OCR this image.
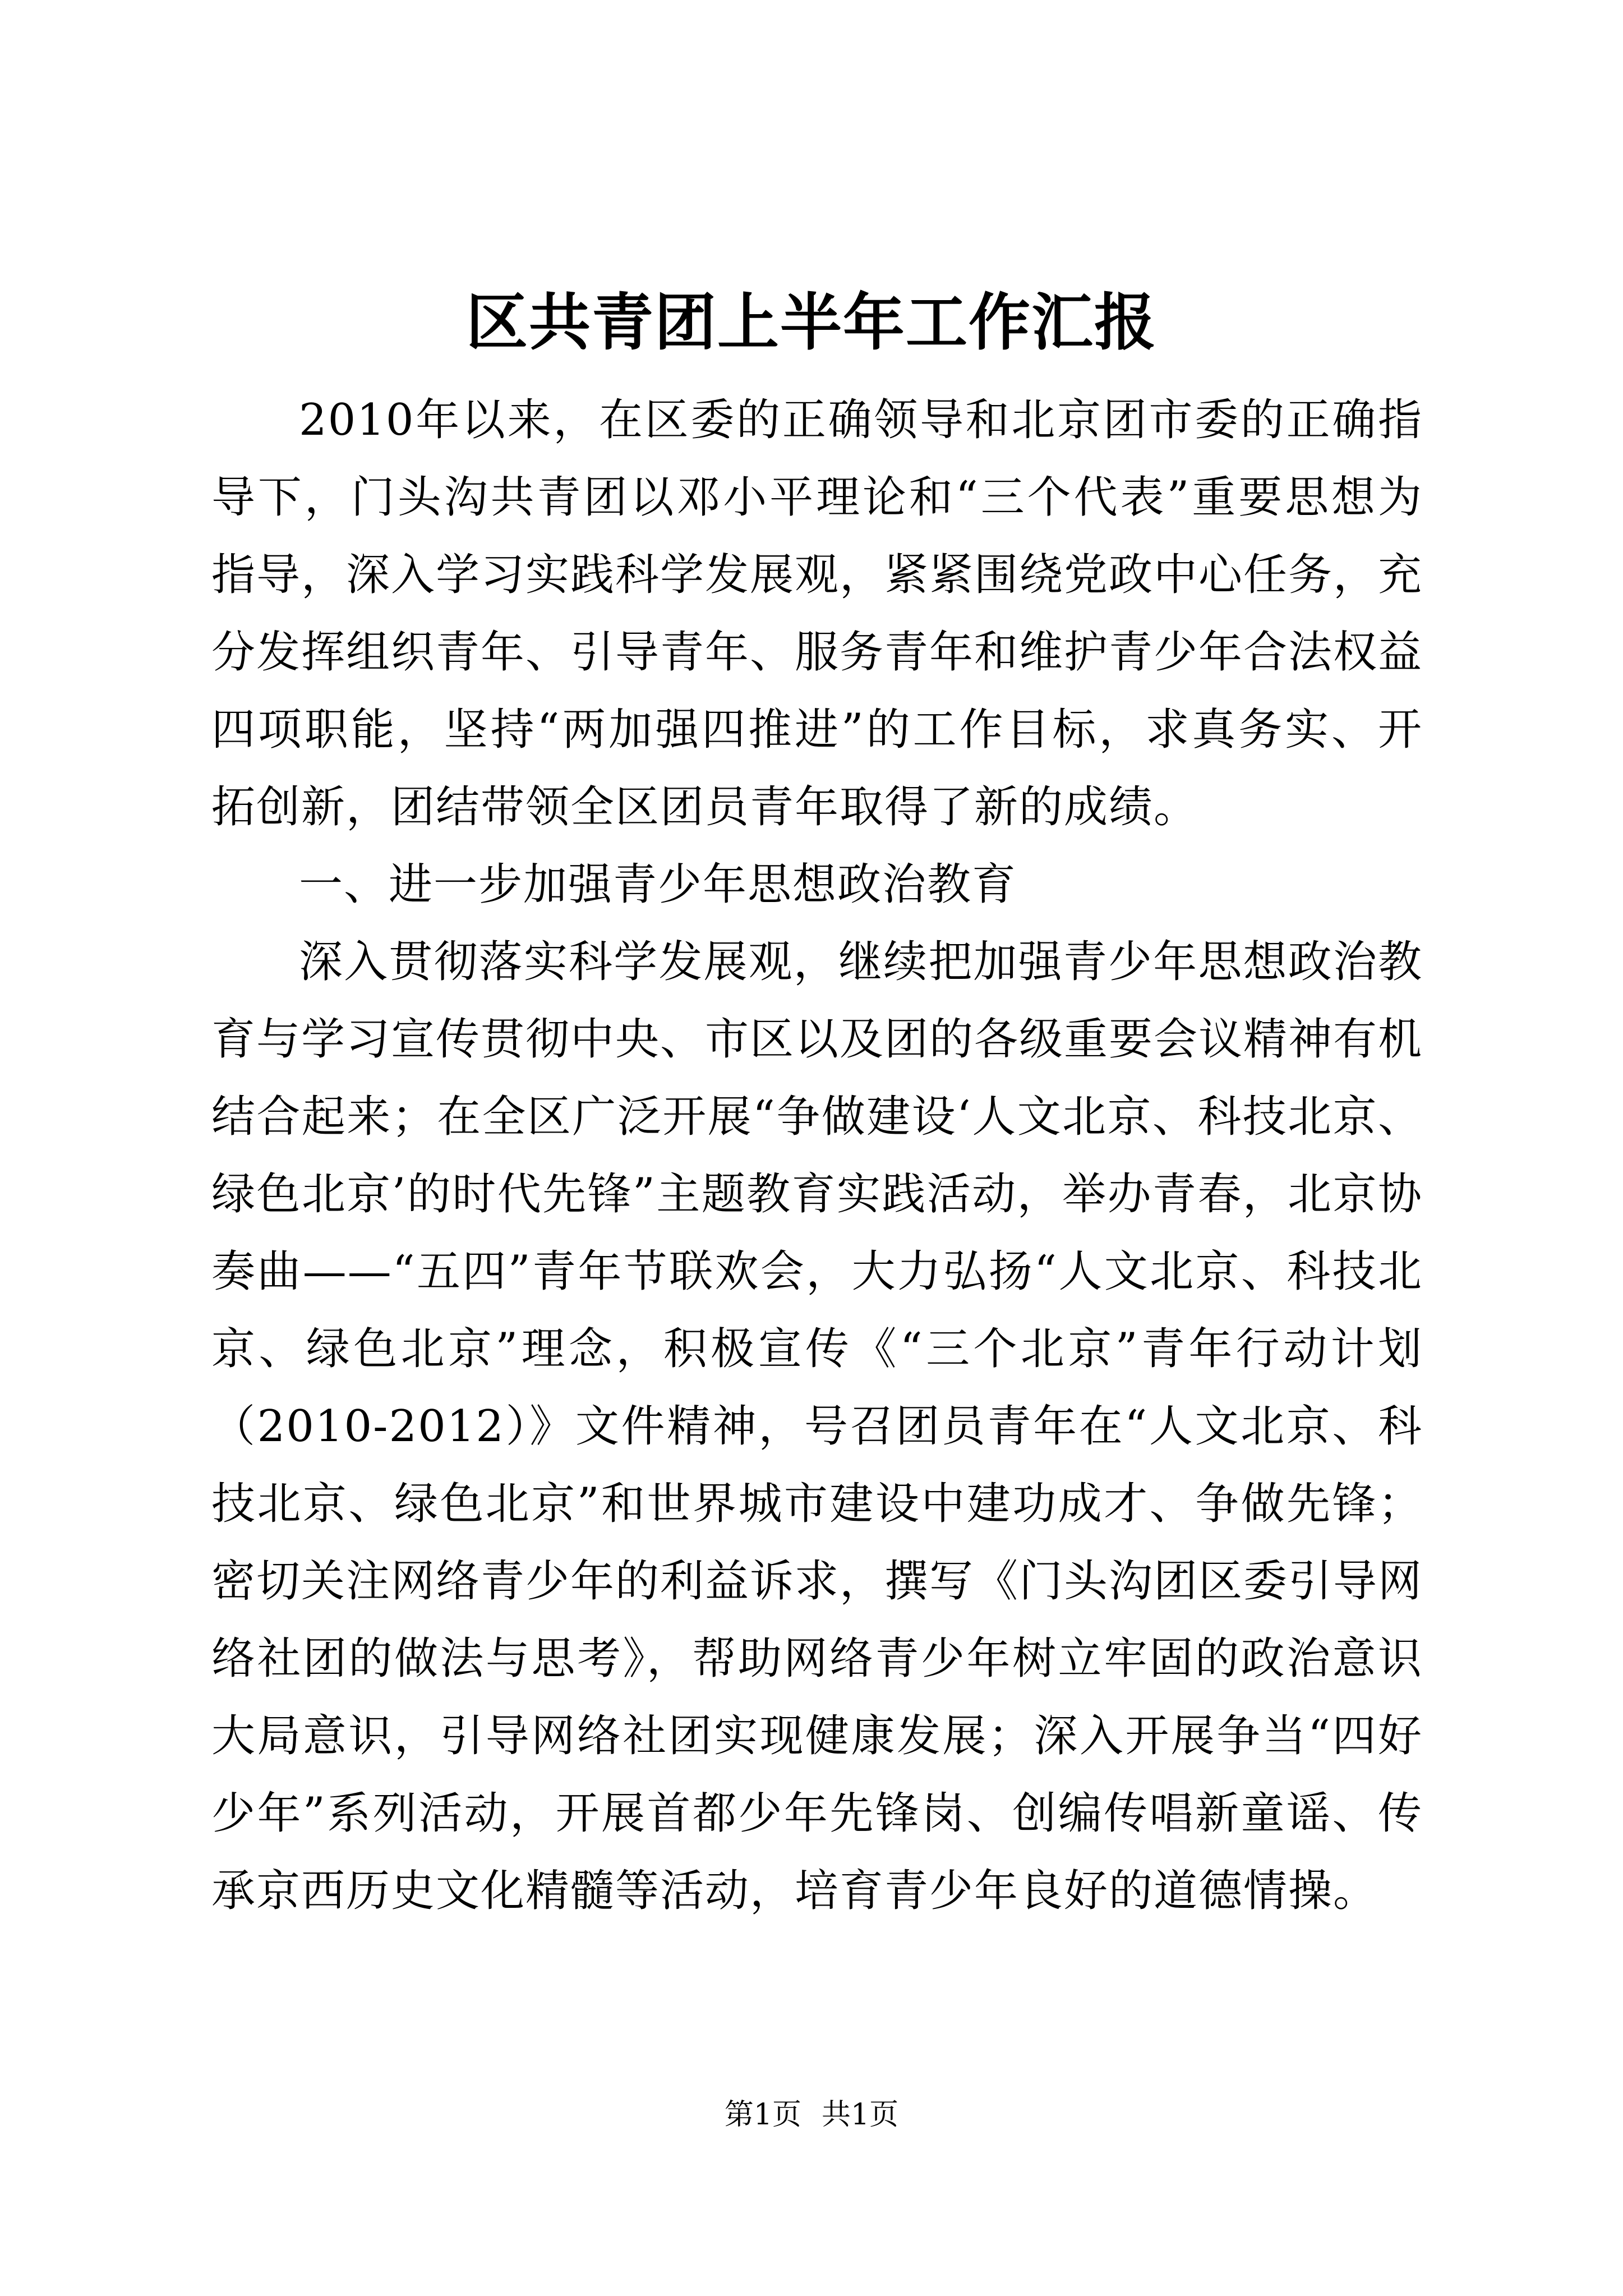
区共青团上半年工作汇报

2010年以来，在区委的正确领导和北京团市委的正确指导下，门头沟共青团以邓小平理论和“三个代表”重要思想为指导，深入学习实践科学发展观，紧紧围绕党政中心任务，充分发挥组织青年、引导青年、服务青年和维护青少年合法权益四项职能，坚持“两加强四推进”的工作目标，求真务实、开拓创新，团结带领全区团员青年取得了新的成绩。

一、进一步加强青少年思想政治教育

深入贯彻落实科学发展观，继续把加强青少年思想政治教育与学习宣传贯彻中央、市区以及团的各级重要会议精神有机结合起来；在全区广泛开展“争做建设‘人文北京、科技北京、绿色北京’的时代先锋”主题教育实践活动，举办青春，北京协奏曲——“五四”青年节联欢会，大力弘扬“人文北京、科技北京、绿色北京”理念，积极宣传《“三个北京”青年行动计划（2010-2012）》文件精神，号召团员青年在“人文北京、科技北京、绿色北京”和世界城市建设中建功成才、争做先锋；密切关注网络青少年的利益诉求，撰写《门头沟团区委引导网络社团的做法与思考》，帮助网络青少年树立牢固的政治意识大局意识，引导网络社团实现健康发展；深入开展争当“四好少年”系列活动，开展首都少年先锋岗、创编传唱新童谣、传承京西历史文化精髓等活动，培育青少年良好的道德情操。

第1页 共1页
